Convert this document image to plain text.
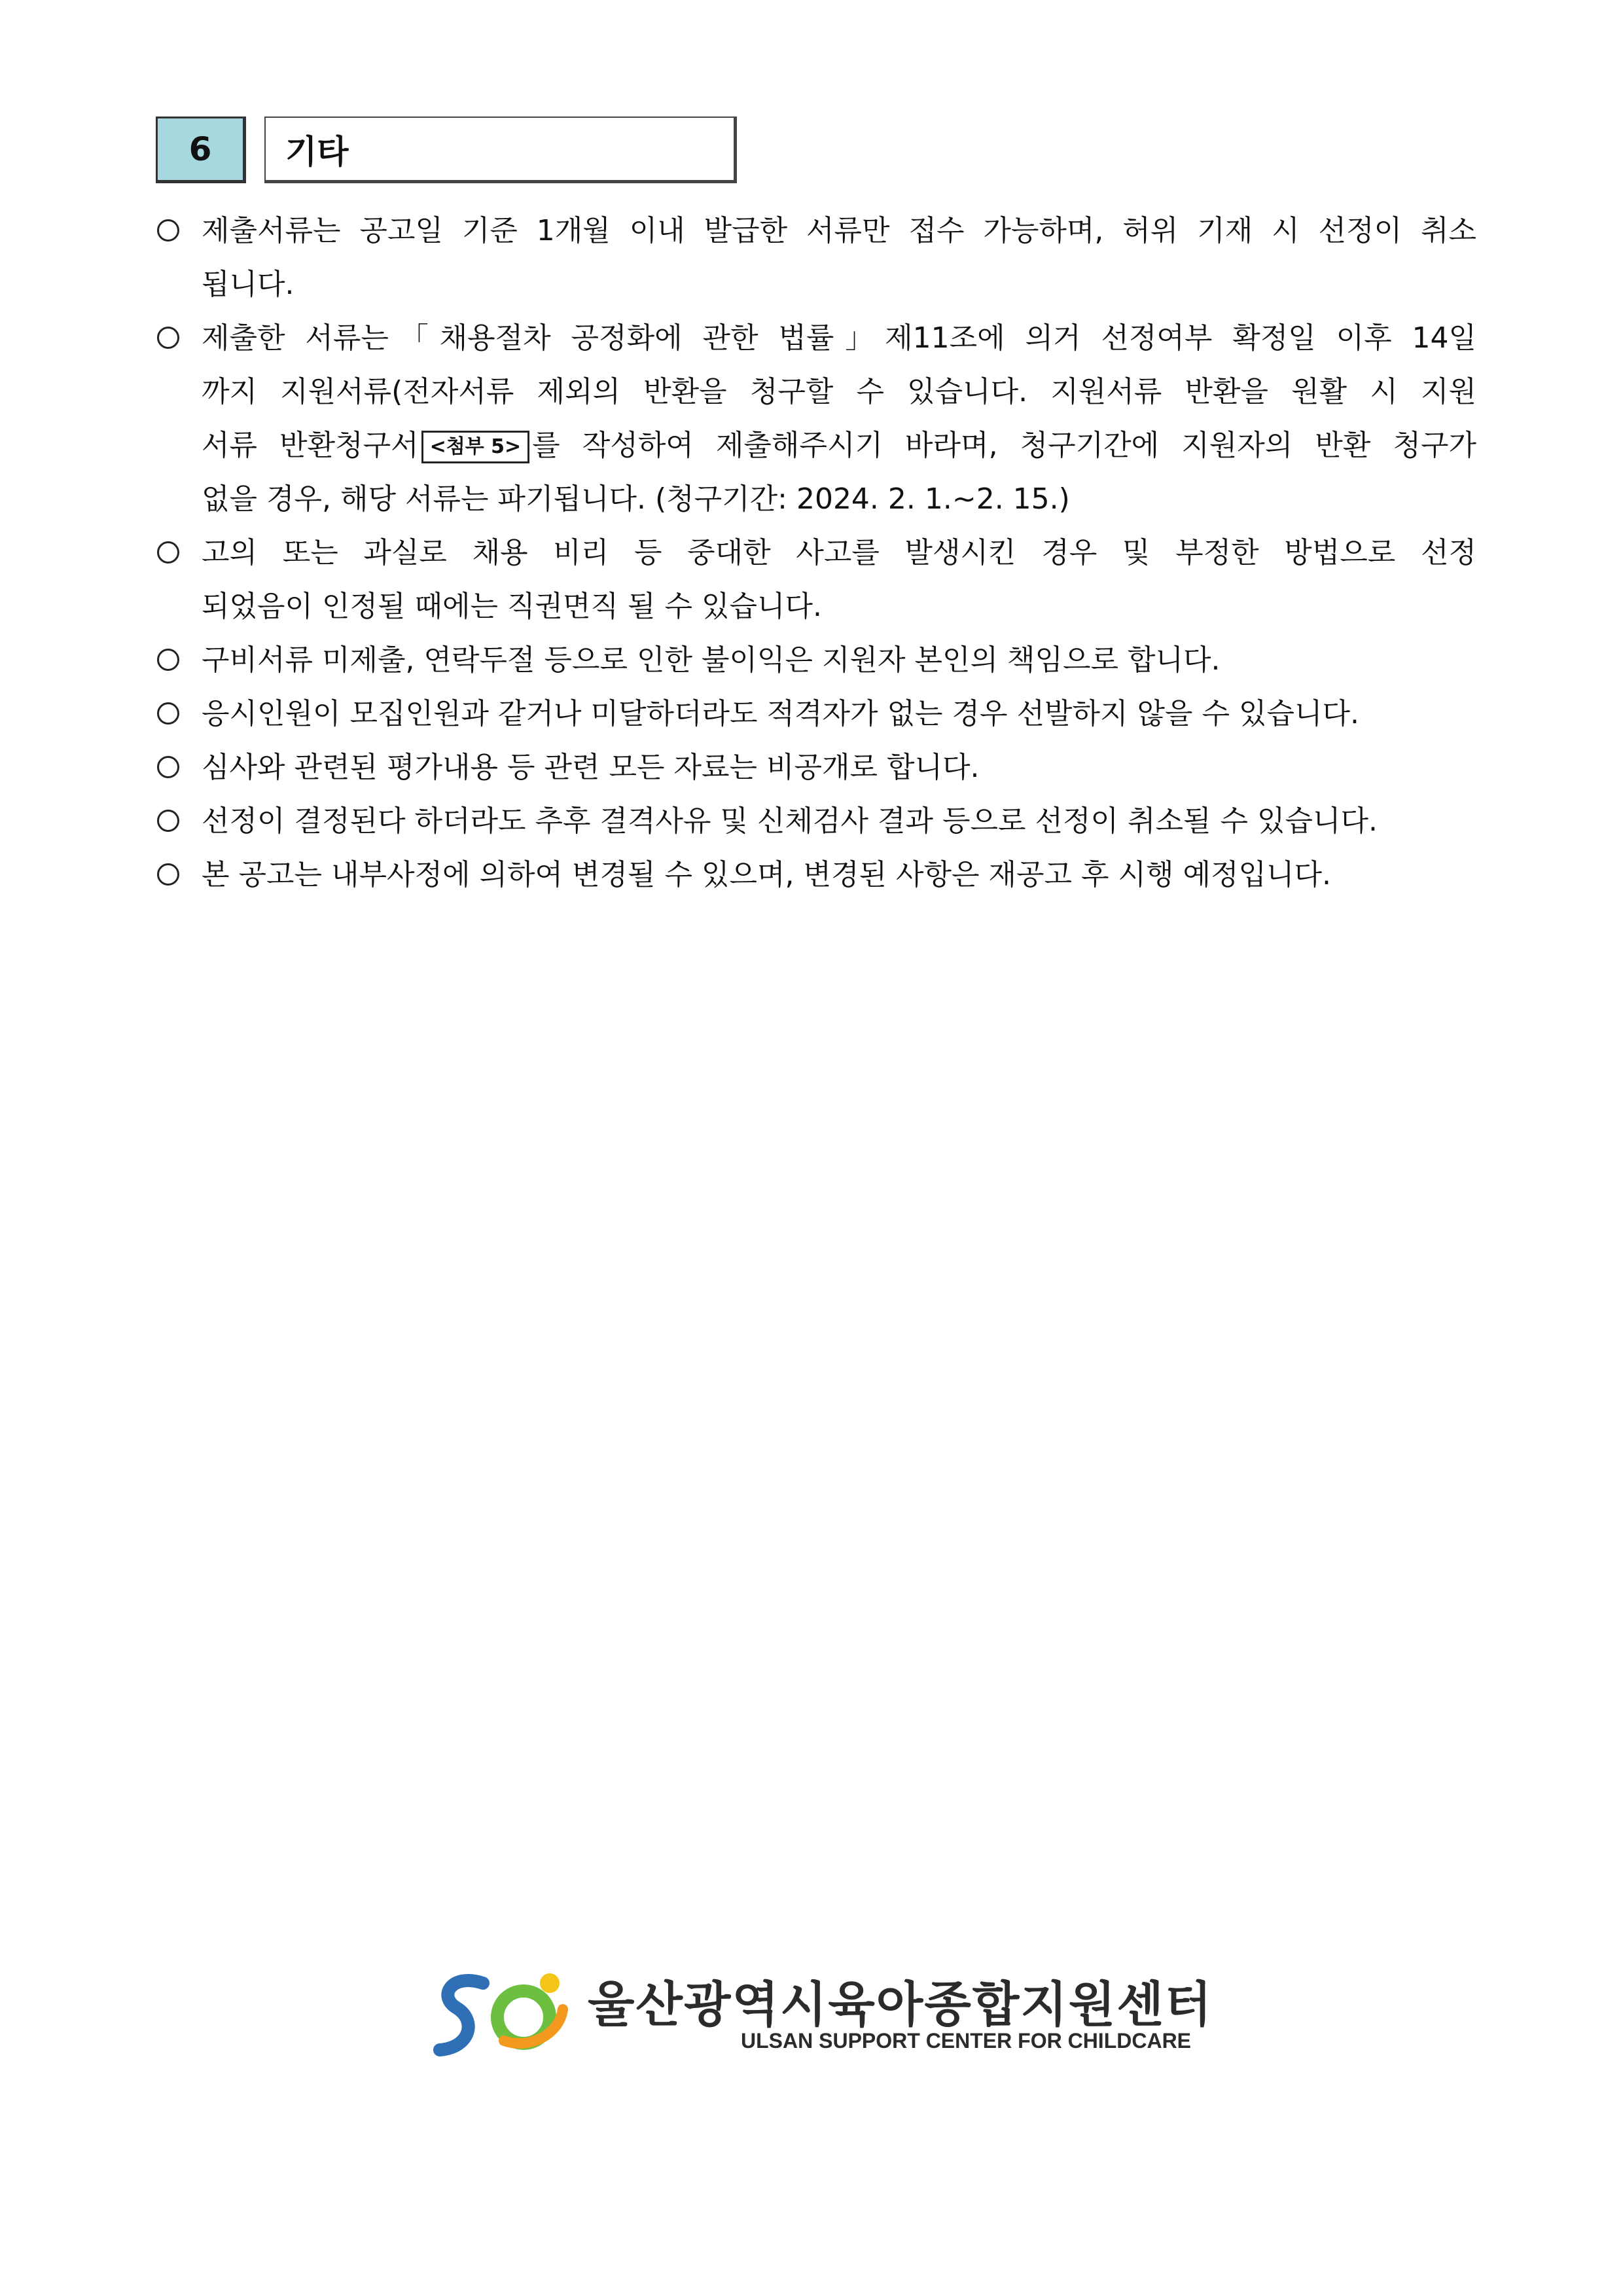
6	기타
제출서류는 공고일 기준 1개월 이내 발급한 서류만 접수 가능하며, 허위 기재 시 선정이 취소
됩니다.
제출한 서류는「채용절차 공정화에 관한 법률」제11조에 의거 선정여부 확정일 이후 14일
까지 지원서류(전자서류 제외의 반환을 청구할 수 있습니다. 지원서류 반환을 원활 시 지원
서류 반환청구서 <첨부 5> 를 작성하여 제출해주시기 바라며, 청구기간에 지원자의 반환 청구가
없을 경우, 해당 서류는 파기됩니다. (청구기간: 2024. 2. 1.~2. 15.)
고의 또는 과실로 채용 비리 등 중대한 사고를 발생시킨 경우 및 부정한 방법으로 선정
되었음이 인정될 때에는 직권면직 될 수 있습니다.
구비서류 미제출, 연락두절 등으로 인한 불이익은 지원자 본인의 책임으로 합니다.
응시인원이 모집인원과 같거나 미달하더라도 적격자가 없는 경우 선발하지 않을 수 있습니다.
심사와 관련된 평가내용 등 관련 모든 자료는 비공개로 합니다.
선정이 결정된다 하더라도 추후 결격사유 및 신체검사 결과 등으로 선정이 취소될 수 있습니다.
본 공고는 내부사정에 의하여 변경될 수 있으며, 변경된 사항은 재공고 후 시행 예정입니다.
울산광역시육아종합지원센터
ULSAN SUPPORT CENTER FOR CHILDCARE
